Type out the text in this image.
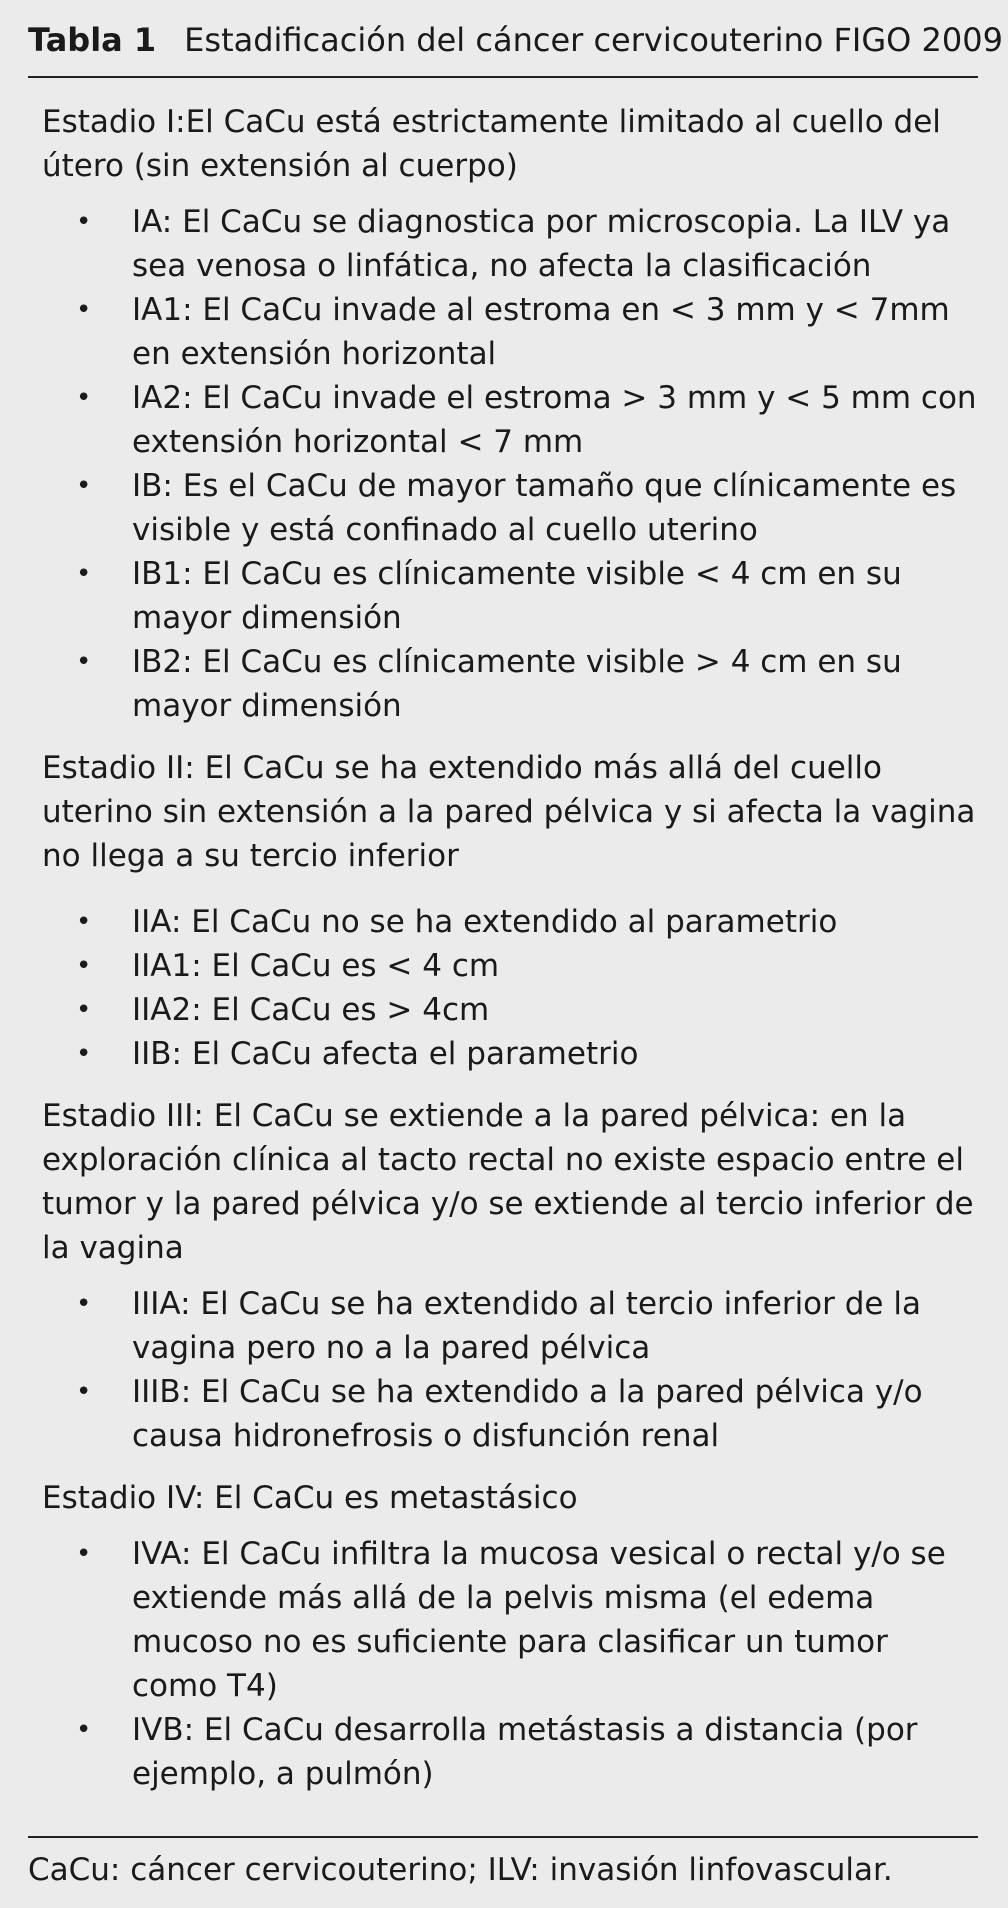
Tabla 1 Estadificación del cáncer cervicouterino FIGO 2009

Estadio I:El CaCu está estrictamente limitado al cuello del útero (sin extensión al cuerpo)

• IA: El CaCu se diagnostica por microscopia. La ILV ya sea venosa o linfática, no afecta la clasificación
• IA1: El CaCu invade al estroma en < 3 mm y < 7mm en extensión horizontal
• IA2: El CaCu invade el estroma > 3 mm y < 5 mm con extensión horizontal < 7 mm
• IB: Es el CaCu de mayor tamaño que clínicamente es visible y está confinado al cuello uterino
• IB1: El CaCu es clínicamente visible < 4 cm en su mayor dimensión
• IB2: El CaCu es clínicamente visible > 4 cm en su mayor dimensión

Estadio II: El CaCu se ha extendido más allá del cuello uterino sin extensión a la pared pélvica y si afecta la vagina no llega a su tercio inferior

• IIA: El CaCu no se ha extendido al parametrio
• IIA1: El CaCu es < 4 cm
• IIA2: El CaCu es > 4cm
• IIB: El CaCu afecta el parametrio

Estadio III: El CaCu se extiende a la pared pélvica: en la exploración clínica al tacto rectal no existe espacio entre el tumor y la pared pélvica y/o se extiende al tercio inferior de la vagina

• IIIA: El CaCu se ha extendido al tercio inferior de la vagina pero no a la pared pélvica
• IIIB: El CaCu se ha extendido a la pared pélvica y/o causa hidronefrosis o disfunción renal

Estadio IV: El CaCu es metastásico

• IVA: El CaCu infiltra la mucosa vesical o rectal y/o se extiende más allá de la pelvis misma (el edema mucoso no es suficiente para clasificar un tumor como T4)
• IVB: El CaCu desarrolla metástasis a distancia (por ejemplo, a pulmón)
CaCu: cáncer cervicouterino; ILV: invasión linfovascular.
